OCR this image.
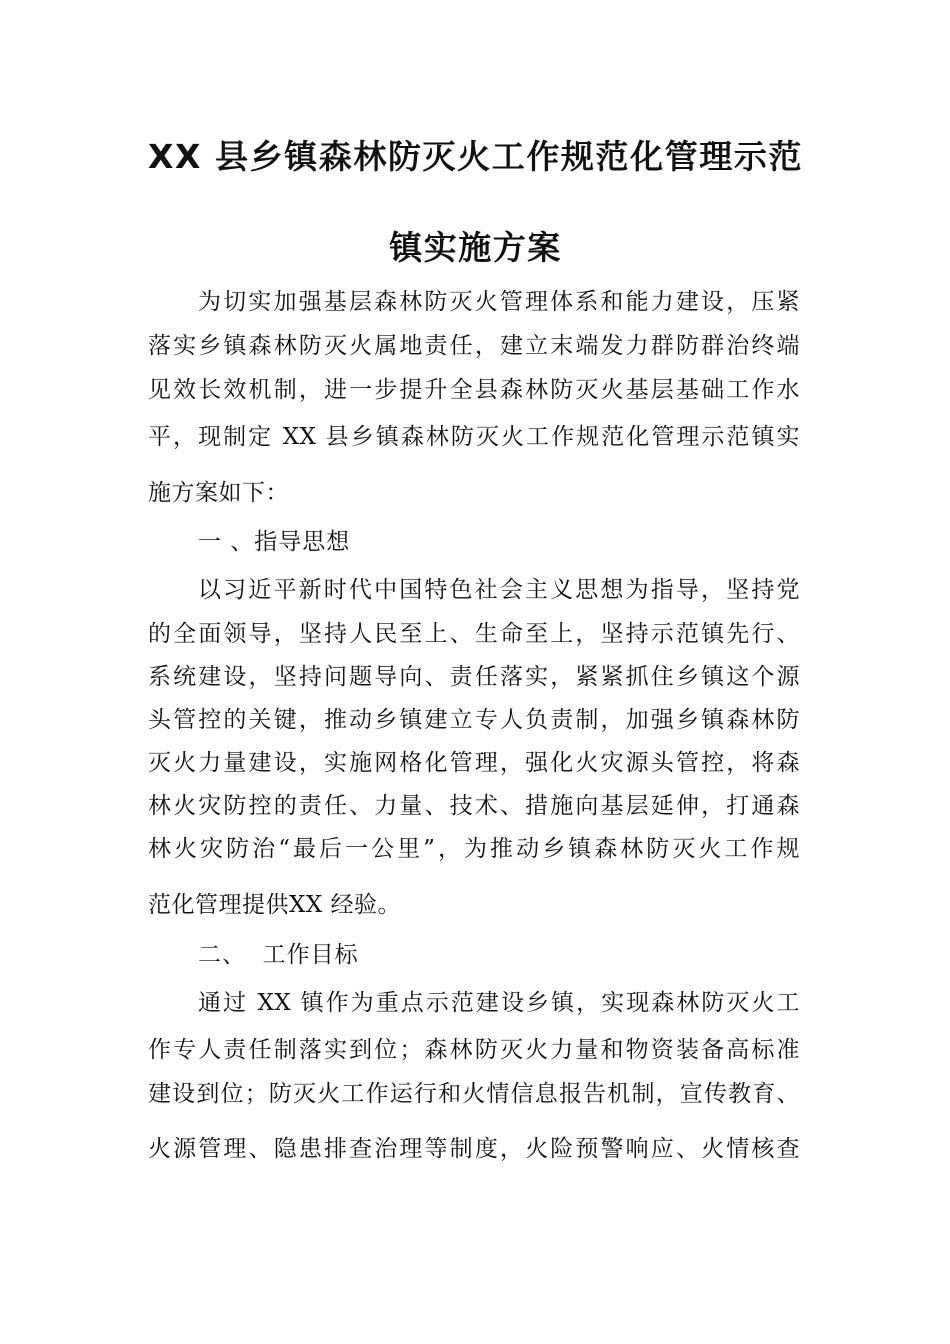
XX 县乡镇森林防灭火工作规范化管理示范
镇实施方案
为切实加强基层森林防灭火管理体系和能力建设，压紧
落实乡镇森林防灭火属地责任，建立末端发力群防群治终端
见效长效机制，进一步提升全县森林防灭火基层基础工作水
平，现制定 XX 县乡镇森林防灭火工作规范化管理示范镇实
施方案如下：
一 、指导思想
以习近平新时代中国特色社会主义思想为指导，坚持党
的全面领导，坚持人民至上、生命至上，坚持示范镇先行、
系统建设，坚持问题导向、责任落实，紧紧抓住乡镇这个源
头管控的关键，推动乡镇建立专人负责制，加强乡镇森林防
灭火力量建设，实施网格化管理，强化火灾源头管控，将森
林火灾防控的责任、力量、技术、措施向基层延伸，打通森
林火灾防治“最后一公里”，为推动乡镇森林防灭火工作规
范化管理提供XX 经验。
二、  工作目标
通过 XX 镇作为重点示范建设乡镇，实现森林防灭火工
作专人责任制落实到位；森林防灭火力量和物资装备高标准
建设到位；防灭火工作运行和火情信息报告机制，宣传教育、
火源管理、隐患排查治理等制度，火险预警响应、火情核查
